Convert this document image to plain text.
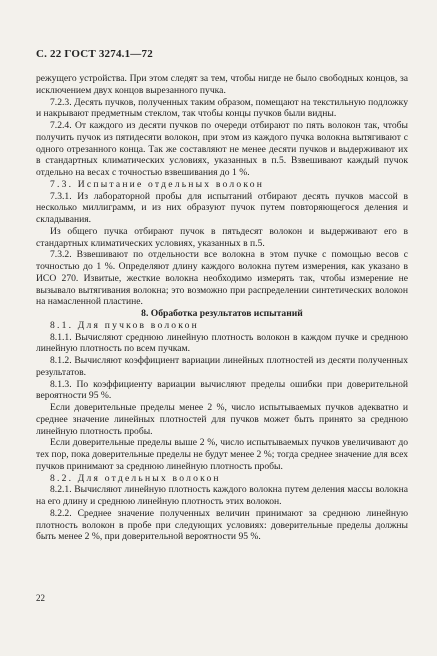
С. 22 ГОСТ 3274.1—72

режущего устройства. При этом следят за тем, чтобы нигде не было свободных концов, за исключением двух концов вырезанного пучка.

7.2.3. Десять пучков, полученных таким образом, помещают на текстильную подложку и накрывают предметным стеклом, так чтобы концы пучков были видны.

7.2.4. От каждого из десяти пучков по очереди отбирают по пять волокон так, чтобы получить пучок из пятидесяти волокон, при этом из каждого пучка волокна вытягивают с одного отрезанного конца. Так же составляют не менее десяти пучков и выдерживают их в стандартных климатических условиях, указанных в п.5. Взвешивают каждый пучок отдельно на весах с точностью взвешивания до 1 %.

7.3. Испытание отдельных волокон

7.3.1. Из лабораторной пробы для испытаний отбирают десять пучков массой в несколько миллиграмм, и из них образуют пучок путем повторяющегося деления и складывания.

Из общего пучка отбирают пучок в пятьдесят волокон и выдерживают его в стандартных климатических условиях, указанных в п.5.

7.3.2. Взвешивают по отдельности все волокна в этом пучке с помощью весов с точностью до 1 %. Определяют длину каждого волокна путем измерения, как указано в ИСО 270. Извитые, жесткие волокна необходимо измерять так, чтобы измерение не вызывало вытягивания волокна; это возможно при распределении синтетических волокон на намасленной пластине.

8. Обработка результатов испытаний

8.1. Для пучков волокон

8.1.1. Вычисляют среднюю линейную плотность волокон в каждом пучке и среднюю линейную плотность по всем пучкам.

8.1.2. Вычисляют коэффициент вариации линейных плотностей из десяти полученных результатов.

8.1.3. По коэффициенту вариации вычисляют пределы ошибки при доверительной вероятности 95 %.

Если доверительные пределы менее 2 %, число испытываемых пучков адекватно и среднее значение линейных плотностей для пучков может быть принято за среднюю линейную плотность пробы.

Если доверительные пределы выше 2 %, число испытываемых пучков увеличивают до тех пор, пока доверительные пределы не будут менее 2 %; тогда среднее значение для всех пучков принимают за среднюю линейную плотность пробы.

8.2. Для отдельных волокон

8.2.1. Вычисляют линейную плотность каждого волокна путем деления массы волокна на его длину и среднюю линейную плотность этих волокон.

8.2.2. Среднее значение полученных величин принимают за среднюю линейную плотность волокон в пробе при следующих условиях: доверительные пределы должны быть менее 2 %, при доверительной вероятности 95 %.

22
